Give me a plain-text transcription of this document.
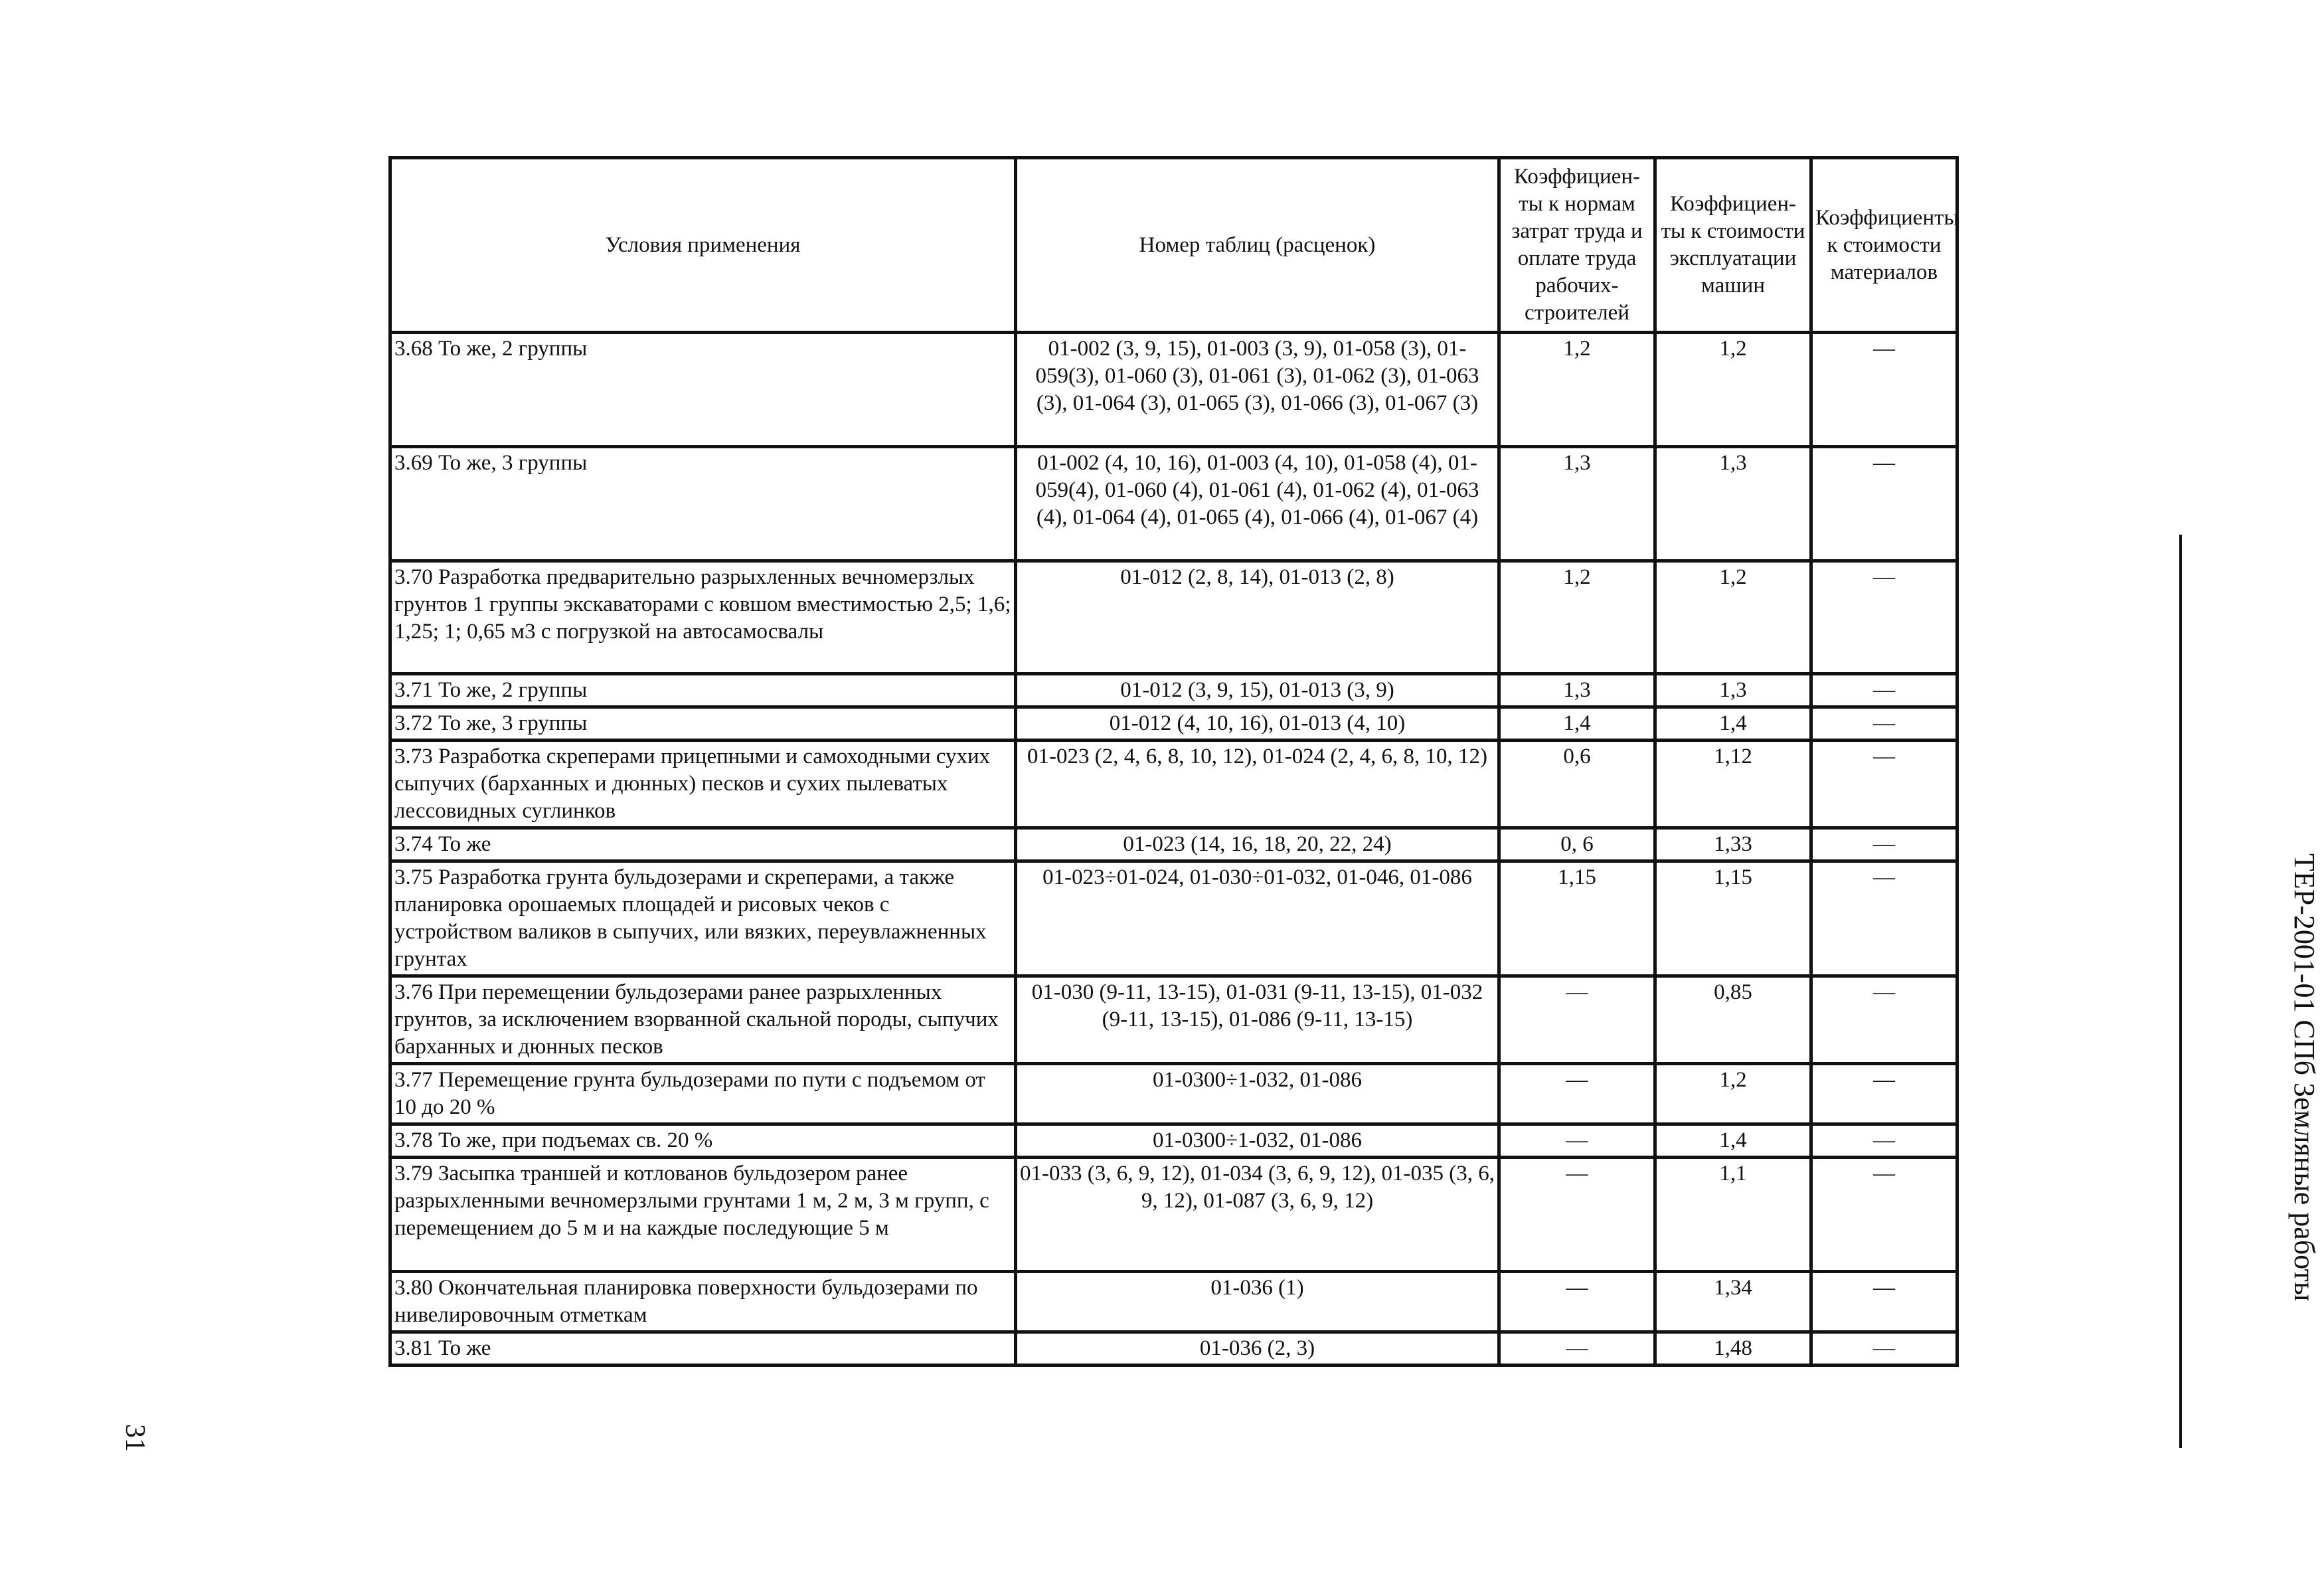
Условия применения	Номер таблиц (расценок)	Коэффициен-ты к нормам затрат труда и оплате труда рабочих-строителей	Коэффициен-ты к стоимости эксплуатации машин	Коэффициенты к стоимости материалов
3.68 То же, 2 группы	01-002 (3, 9, 15), 01-003 (3, 9), 01-058 (3), 01-059(3), 01-060 (3), 01-061 (3), 01-062 (3), 01-063 (3), 01-064 (3), 01-065 (3), 01-066 (3), 01-067 (3)	1,2	1,2	—
3.69 То же, 3 группы	01-002 (4, 10, 16), 01-003 (4, 10), 01-058 (4), 01-059(4), 01-060 (4), 01-061 (4), 01-062 (4), 01-063 (4), 01-064 (4), 01-065 (4), 01-066 (4), 01-067 (4)	1,3	1,3	—
3.70 Разработка предварительно разрыхленных вечномерзлых грунтов 1 группы экскаваторами с ковшом вместимостью 2,5; 1,6; 1,25; 1; 0,65 м3 с погрузкой на автосамосвалы	01-012 (2, 8, 14), 01-013 (2, 8)	1,2	1,2	—
3.71 То же, 2 группы	01-012 (3, 9, 15), 01-013 (3, 9)	1,3	1,3	—
3.72 То же, 3 группы	01-012 (4, 10, 16), 01-013 (4, 10)	1,4	1,4	—
3.73 Разработка скреперами прицепными и самоходными сухих сыпучих (барханных и дюнных) песков и сухих пылеватых лессовидных суглинков	01-023 (2, 4, 6, 8, 10, 12), 01-024 (2, 4, 6, 8, 10, 12)	0,6	1,12	—
3.74 То же	01-023 (14, 16, 18, 20, 22, 24)	0, 6	1,33	—
3.75 Разработка грунта бульдозерами и скреперами, а также планировка орошаемых площадей и рисовых чеков с устройством валиков в сыпучих, или вязких, переувлажненных грунтах	01-023÷01-024, 01-030÷01-032, 01-046, 01-086	1,15	1,15	—
3.76 При перемещении бульдозерами ранее разрыхленных грунтов, за исключением взорванной скальной породы, сыпучих барханных и дюнных песков	01-030 (9-11, 13-15), 01-031 (9-11, 13-15), 01-032 (9-11, 13-15), 01-086 (9-11, 13-15)	—	0,85	—
3.77 Перемещение грунта бульдозерами по пути с подъемом от 10 до 20 %	01-0300÷1-032, 01-086	—	1,2	—
3.78 То же, при подъемах св. 20 %	01-0300÷1-032, 01-086	—	1,4	—
3.79 Засыпка траншей и котлованов бульдозером ранее разрыхленными вечномерзлыми грунтами 1 м, 2 м, 3 м групп, с перемещением до 5 м и на каждые последующие 5 м	01-033 (3, 6, 9, 12), 01-034 (3, 6, 9, 12), 01-035 (3, 6, 9, 12), 01-087 (3, 6, 9, 12)	—	1,1	—
3.80 Окончательная планировка поверхности бульдозерами по нивелировочным отметкам	01-036 (1)	—	1,34	—
3.81 То же	01-036 (2, 3)	—	1,48	—
31
ТЕР-2001-01 СПб Земляные работы
